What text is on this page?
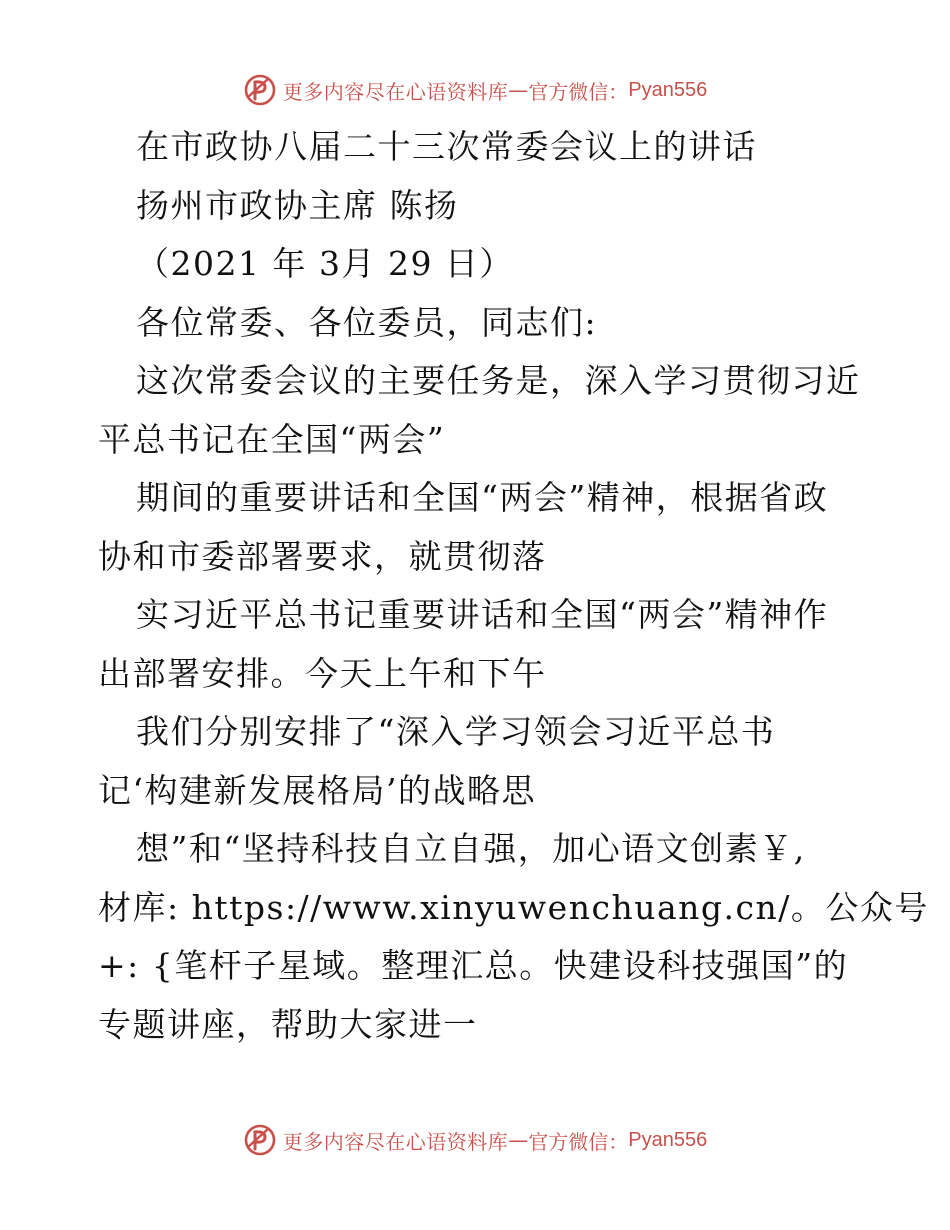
更多内容尽在心语资料库 — 官方微信： Pyan556
在市政协八届二十三次常委会议上的讲话
扬州市政协主席 陈扬
（2021 年 3月 29 日）
各位常委、各位委员，同志们:
这次常委会议的主要任务是，深入学习贯彻习近
平总书记在全国“两会”
期间的重要讲话和全国“两会”精神，根据省政
协和市委部署要求，就贯彻落
实习近平总书记重要讲话和全国“两会”精神作
出部署安排。今天上午和下午
我们分别安排了“深入学习领会习近平总书
记‘构建新发展格局’的战略思
想”和“坚持科技自立自强，加心语文创素￥,
材库: https://www.xinyuwenchuang.cn/。公众号
+: {笔杆子星域。整理汇总。快建设科技强国”的
专题讲座，帮助大家进一
更多内容尽在心语资料库 — 官方微信： Pyan556
